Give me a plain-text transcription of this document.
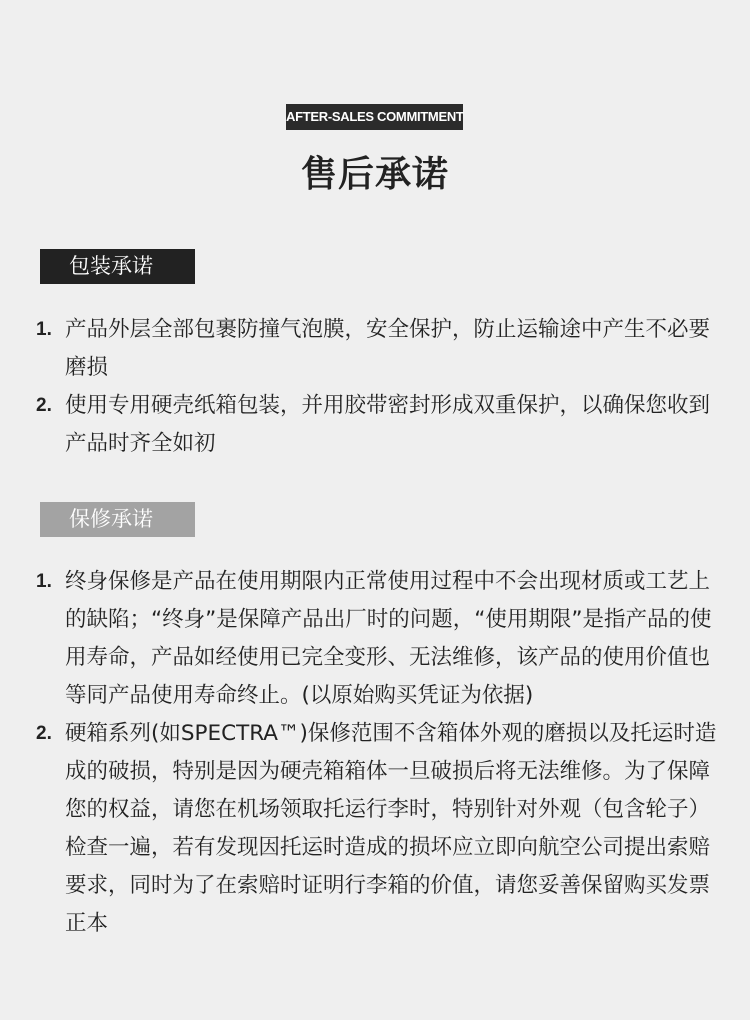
AFTER-SALES COMMITMENT
售后承诺
包装承诺
1. 产品外层全部包裹防撞气泡膜，安全保护，防止运输途中产生不必要磨损
2. 使用专用硬壳纸箱包装，并用胶带密封形成双重保护，以确保您收到产品时齐全如初
保修承诺
1. 终身保修是产品在使用期限内正常使用过程中不会出现材质或工艺上的缺陷；“终身”是保障产品出厂时的问题，“使用期限”是指产品的使用寿命，产品如经使用已完全变形、无法维修，该产品的使用价值也等同产品使用寿命终止。(以原始购买凭证为依据)
2. 硬箱系列(如SPECTRA™)保修范围不含箱体外观的磨损以及托运时造成的破损，特别是因为硬壳箱箱体一旦破损后将无法维修。为了保障您的权益，请您在机场领取托运行李时，特别针对外观（包含轮子）检查一遍，若有发现因托运时造成的损坏应立即向航空公司提出索赔要求，同时为了在索赔时证明行李箱的价值，请您妥善保留购买发票正本
